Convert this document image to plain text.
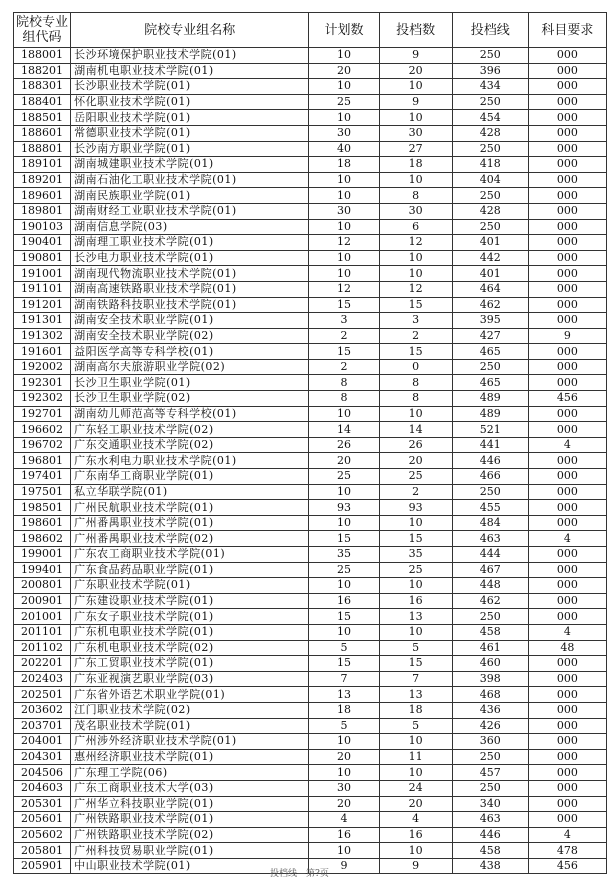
院校专业组代码	院校专业组名称	计划数	投档数	投档线	科目要求
188001	长沙环境保护职业技术学院(01)	10	9	250	000
188201	湖南机电职业技术学院(01)	20	20	396	000
188301	长沙职业技术学院(01)	10	10	434	000
188401	怀化职业技术学院(01)	25	9	250	000
188501	岳阳职业技术学院(01)	10	10	454	000
188601	常德职业技术学院(01)	30	30	428	000
188801	长沙南方职业学院(01)	40	27	250	000
189101	湖南城建职业技术学院(01)	18	18	418	000
189201	湖南石油化工职业技术学院(01)	10	10	404	000
189601	湖南民族职业学院(01)	10	8	250	000
189801	湖南财经工业职业技术学院(01)	30	30	428	000
190103	湖南信息学院(03)	10	6	250	000
190401	湖南理工职业技术学院(01)	12	12	401	000
190801	长沙电力职业技术学院(01)	10	10	442	000
191001	湖南现代物流职业技术学院(01)	10	10	401	000
191101	湖南高速铁路职业技术学院(01)	12	12	464	000
191201	湖南铁路科技职业技术学院(01)	15	15	462	000
191301	湖南安全技术职业学院(01)	3	3	395	000
191302	湖南安全技术职业学院(02)	2	2	427	9
191601	益阳医学高等专科学校(01)	15	15	465	000
192002	湖南高尔夫旅游职业学院(02)	2	0	250	000
192301	长沙卫生职业学院(01)	8	8	465	000
192302	长沙卫生职业学院(02)	8	8	489	456
192701	湖南幼儿师范高等专科学校(01)	10	10	489	000
196602	广东轻工职业技术学院(02)	14	14	521	000
196702	广东交通职业技术学院(02)	26	26	441	4
196801	广东水利电力职业技术学院(01)	20	20	446	000
197401	广东南华工商职业学院(01)	25	25	466	000
197501	私立华联学院(01)	10	2	250	000
198501	广州民航职业技术学院(01)	93	93	455	000
198601	广州番禺职业技术学院(01)	10	10	484	000
198602	广州番禺职业技术学院(02)	15	15	463	4
199001	广东农工商职业技术学院(01)	35	35	444	000
199401	广东食品药品职业学院(01)	25	25	467	000
200801	广东职业技术学院(01)	10	10	448	000
200901	广东建设职业技术学院(01)	16	16	462	000
201001	广东女子职业技术学院(01)	15	13	250	000
201101	广东机电职业技术学院(01)	10	10	458	4
201102	广东机电职业技术学院(02)	5	5	461	48
202201	广东工贸职业技术学院(01)	15	15	460	000
202403	广东亚视演艺职业学院(03)	7	7	398	000
202501	广东省外语艺术职业学院(01)	13	13	468	000
203602	江门职业技术学院(02)	18	18	436	000
203701	茂名职业技术学院(01)	5	5	426	000
204001	广州涉外经济职业技术学院(01)	10	10	360	000
204301	惠州经济职业技术学院(01)	20	11	250	000
204506	广东理工学院(06)	10	10	457	000
204603	广东工商职业技术大学(03)	30	24	250	000
205301	广州华立科技职业学院(01)	20	20	340	000
205601	广州铁路职业技术学院(01)	4	4	463	000
205602	广州铁路职业技术学院(02)	16	16	446	4
205801	广州科技贸易职业学院(01)	10	10	458	478
205901	中山职业技术学院(01)	9	9	438	456
投档线—第?页
